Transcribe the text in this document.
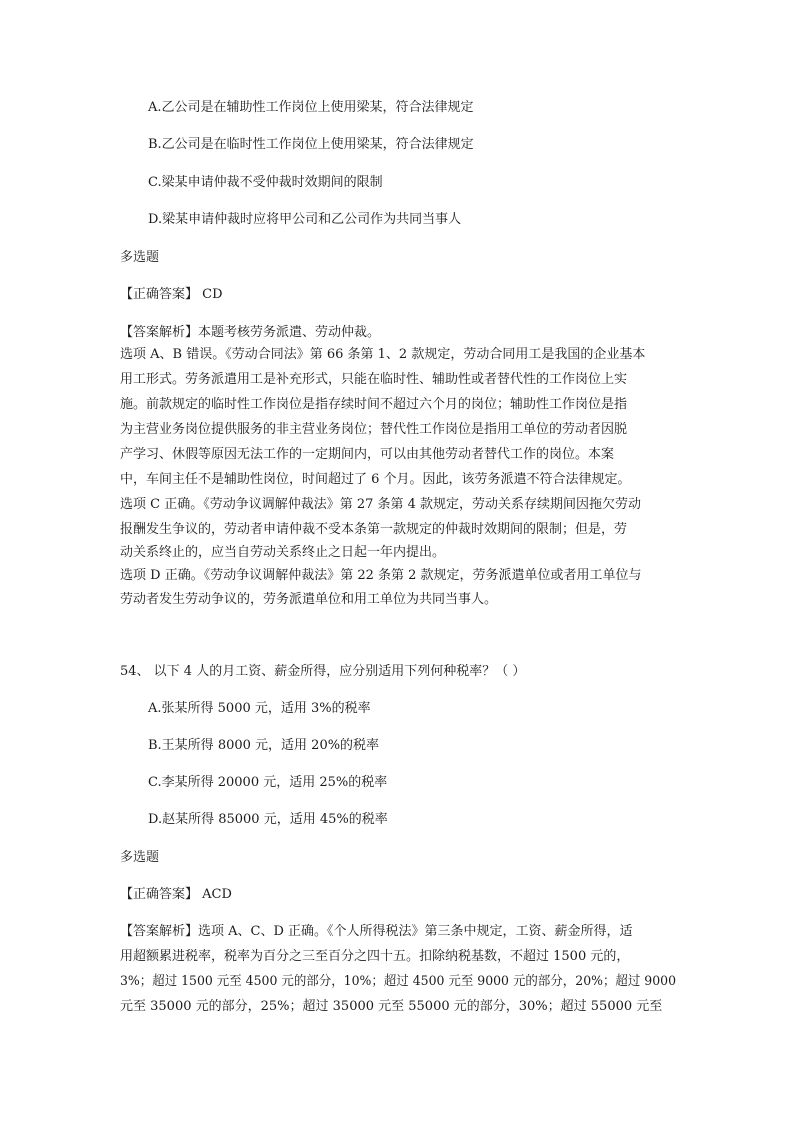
A.乙公司是在辅助性工作岗位上使用梁某，符合法律规定
B.乙公司是在临时性工作岗位上使用梁某，符合法律规定
C.梁某申请仲裁不受仲裁时效期间的限制
D.梁某申请仲裁时应将甲公司和乙公司作为共同当事人
多选题
【正确答案】 CD
【答案解析】本题考核劳务派遣、劳动仲裁。
选项 A、B 错误。《劳动合同法》第 66 条第 1、2 款规定，劳动合同用工是我国的企业基本
用工形式。劳务派遣用工是补充形式，只能在临时性、辅助性或者替代性的工作岗位上实
施。前款规定的临时性工作岗位是指存续时间不超过六个月的岗位；辅助性工作岗位是指
为主营业务岗位提供服务的非主营业务岗位；替代性工作岗位是指用工单位的劳动者因脱
产学习、休假等原因无法工作的一定期间内，可以由其他劳动者替代工作的岗位。本案
中，车间主任不是辅助性岗位，时间超过了 6 个月。因此，该劳务派遣不符合法律规定。
选项 C 正确。《劳动争议调解仲裁法》第 27 条第 4 款规定，劳动关系存续期间因拖欠劳动
报酬发生争议的，劳动者申请仲裁不受本条第一款规定的仲裁时效期间的限制；但是，劳
动关系终止的，应当自劳动关系终止之日起一年内提出。
选项 D 正确。《劳动争议调解仲裁法》第 22 条第 2 款规定，劳务派遣单位或者用工单位与
劳动者发生劳动争议的，劳务派遣单位和用工单位为共同当事人。
54、 以下 4 人的月工资、薪金所得，应分别适用下列何种税率？（ ）
A.张某所得 5000 元，适用 3%的税率
B.王某所得 8000 元，适用 20%的税率
C.李某所得 20000 元，适用 25%的税率
D.赵某所得 85000 元，适用 45%的税率
多选题
【正确答案】 ACD
【答案解析】选项 A、C、D 正确。《个人所得税法》第三条中规定，工资、薪金所得，适
用超额累进税率，税率为百分之三至百分之四十五。扣除纳税基数，不超过 1500 元的，
3%；超过 1500 元至 4500 元的部分，10%；超过 4500 元至 9000 元的部分，20%；超过 9000
元至 35000 元的部分，25%；超过 35000 元至 55000 元的部分，30%；超过 55000 元至
